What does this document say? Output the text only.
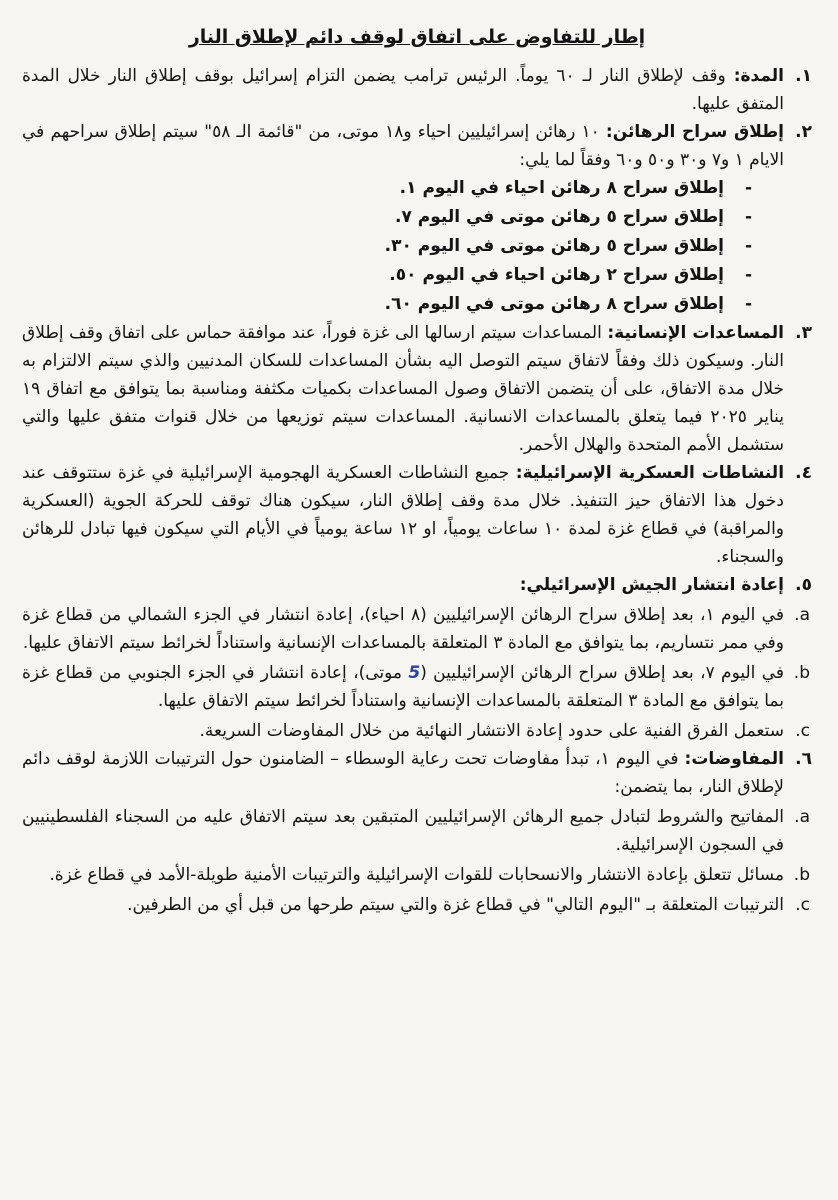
إطار للتفاوض على اتفاق لوقف دائم لإطلاق النار
١.
المدة: وقف لإطلاق النار لـ ٦٠ يوماً. الرئيس ترامب يضمن التزام إسرائيل بوقف إطلاق النار خلال المدة المتفق عليها.
٢.
إطلاق سراح الرهائن: ١٠ رهائن إسرائيليين احياء و١٨ موتى، من "قائمة الـ ٥٨" سيتم إطلاق سراحهم في الايام ١ و٧ و٣٠ و٥٠ و٦٠ وفقاً لما يلي:
- إطلاق سراح ٨ رهائن احياء في اليوم ١.
- إطلاق سراح ٥ رهائن موتى في اليوم ٧.
- إطلاق سراح ٥ رهائن موتى في اليوم ٣٠.
- إطلاق سراح ٢ رهائن احياء في اليوم ٥٠.
- إطلاق سراح ٨ رهائن موتى في اليوم ٦٠.
٣.
المساعدات الإنسانية: المساعدات سيتم ارسالها الى غزة فوراً، عند موافقة حماس على اتفاق وقف إطلاق النار. وسيكون ذلك وفقاً لاتفاق سيتم التوصل اليه بشأن المساعدات للسكان المدنيين والذي سيتم الالتزام به خلال مدة الاتفاق، على أن يتضمن الاتفاق وصول المساعدات بكميات مكثفة ومناسبة بما يتوافق مع اتفاق ١٩ يناير ٢٠٢٥ فيما يتعلق بالمساعدات الانسانية. المساعدات سيتم توزيعها من خلال قنوات متفق عليها والتي ستشمل الأمم المتحدة والهلال الأحمر.
٤.
النشاطات العسكرية الإسرائيلية: جميع النشاطات العسكرية الهجومية الإسرائيلية في غزة ستتوقف عند دخول هذا الاتفاق حيز التنفيذ. خلال مدة وقف إطلاق النار، سيكون هناك توقف للحركة الجوية (العسكرية والمراقبة) في قطاع غزة لمدة ١٠ ساعات يومياً، او ١٢ ساعة يومياً في الأيام التي سيكون فيها تبادل للرهائن والسجناء.
٥.
إعادة انتشار الجيش الإسرائيلي:
a.
في اليوم ١، بعد إطلاق سراح الرهائن الإسرائيليين (٨ احياء)، إعادة انتشار في الجزء الشمالي من قطاع غزة وفي ممر نتساريم، بما يتوافق مع المادة ٣ المتعلقة بالمساعدات الإنسانية واستناداً لخرائط سيتم الاتفاق عليها.
b.
في اليوم ٧، بعد إطلاق سراح الرهائن الإسرائيليين (5 موتى)، إعادة انتشار في الجزء الجنوبي من قطاع غزة بما يتوافق مع المادة ٣ المتعلقة بالمساعدات الإنسانية واستناداً لخرائط سيتم الاتفاق عليها.
c.
ستعمل الفرق الفنية على حدود إعادة الانتشار النهائية من خلال المفاوضات السريعة.
٦.
المفاوضات: في اليوم ١، تبدأ مفاوضات تحت رعاية الوسطاء – الضامنون حول الترتيبات اللازمة لوقف دائم لإطلاق النار، بما يتضمن:
a.
المفاتيح والشروط لتبادل جميع الرهائن الإسرائيليين المتبقين بعد سيتم الاتفاق عليه من السجناء الفلسطينيين في السجون الإسرائيلية.
b.
مسائل تتعلق بإعادة الانتشار والانسحابات للقوات الإسرائيلية والترتيبات الأمنية طويلة-الأمد في قطاع غزة.
c.
الترتيبات المتعلقة بـ "اليوم التالي" في قطاع غزة والتي سيتم طرحها من قبل أي من الطرفين.
